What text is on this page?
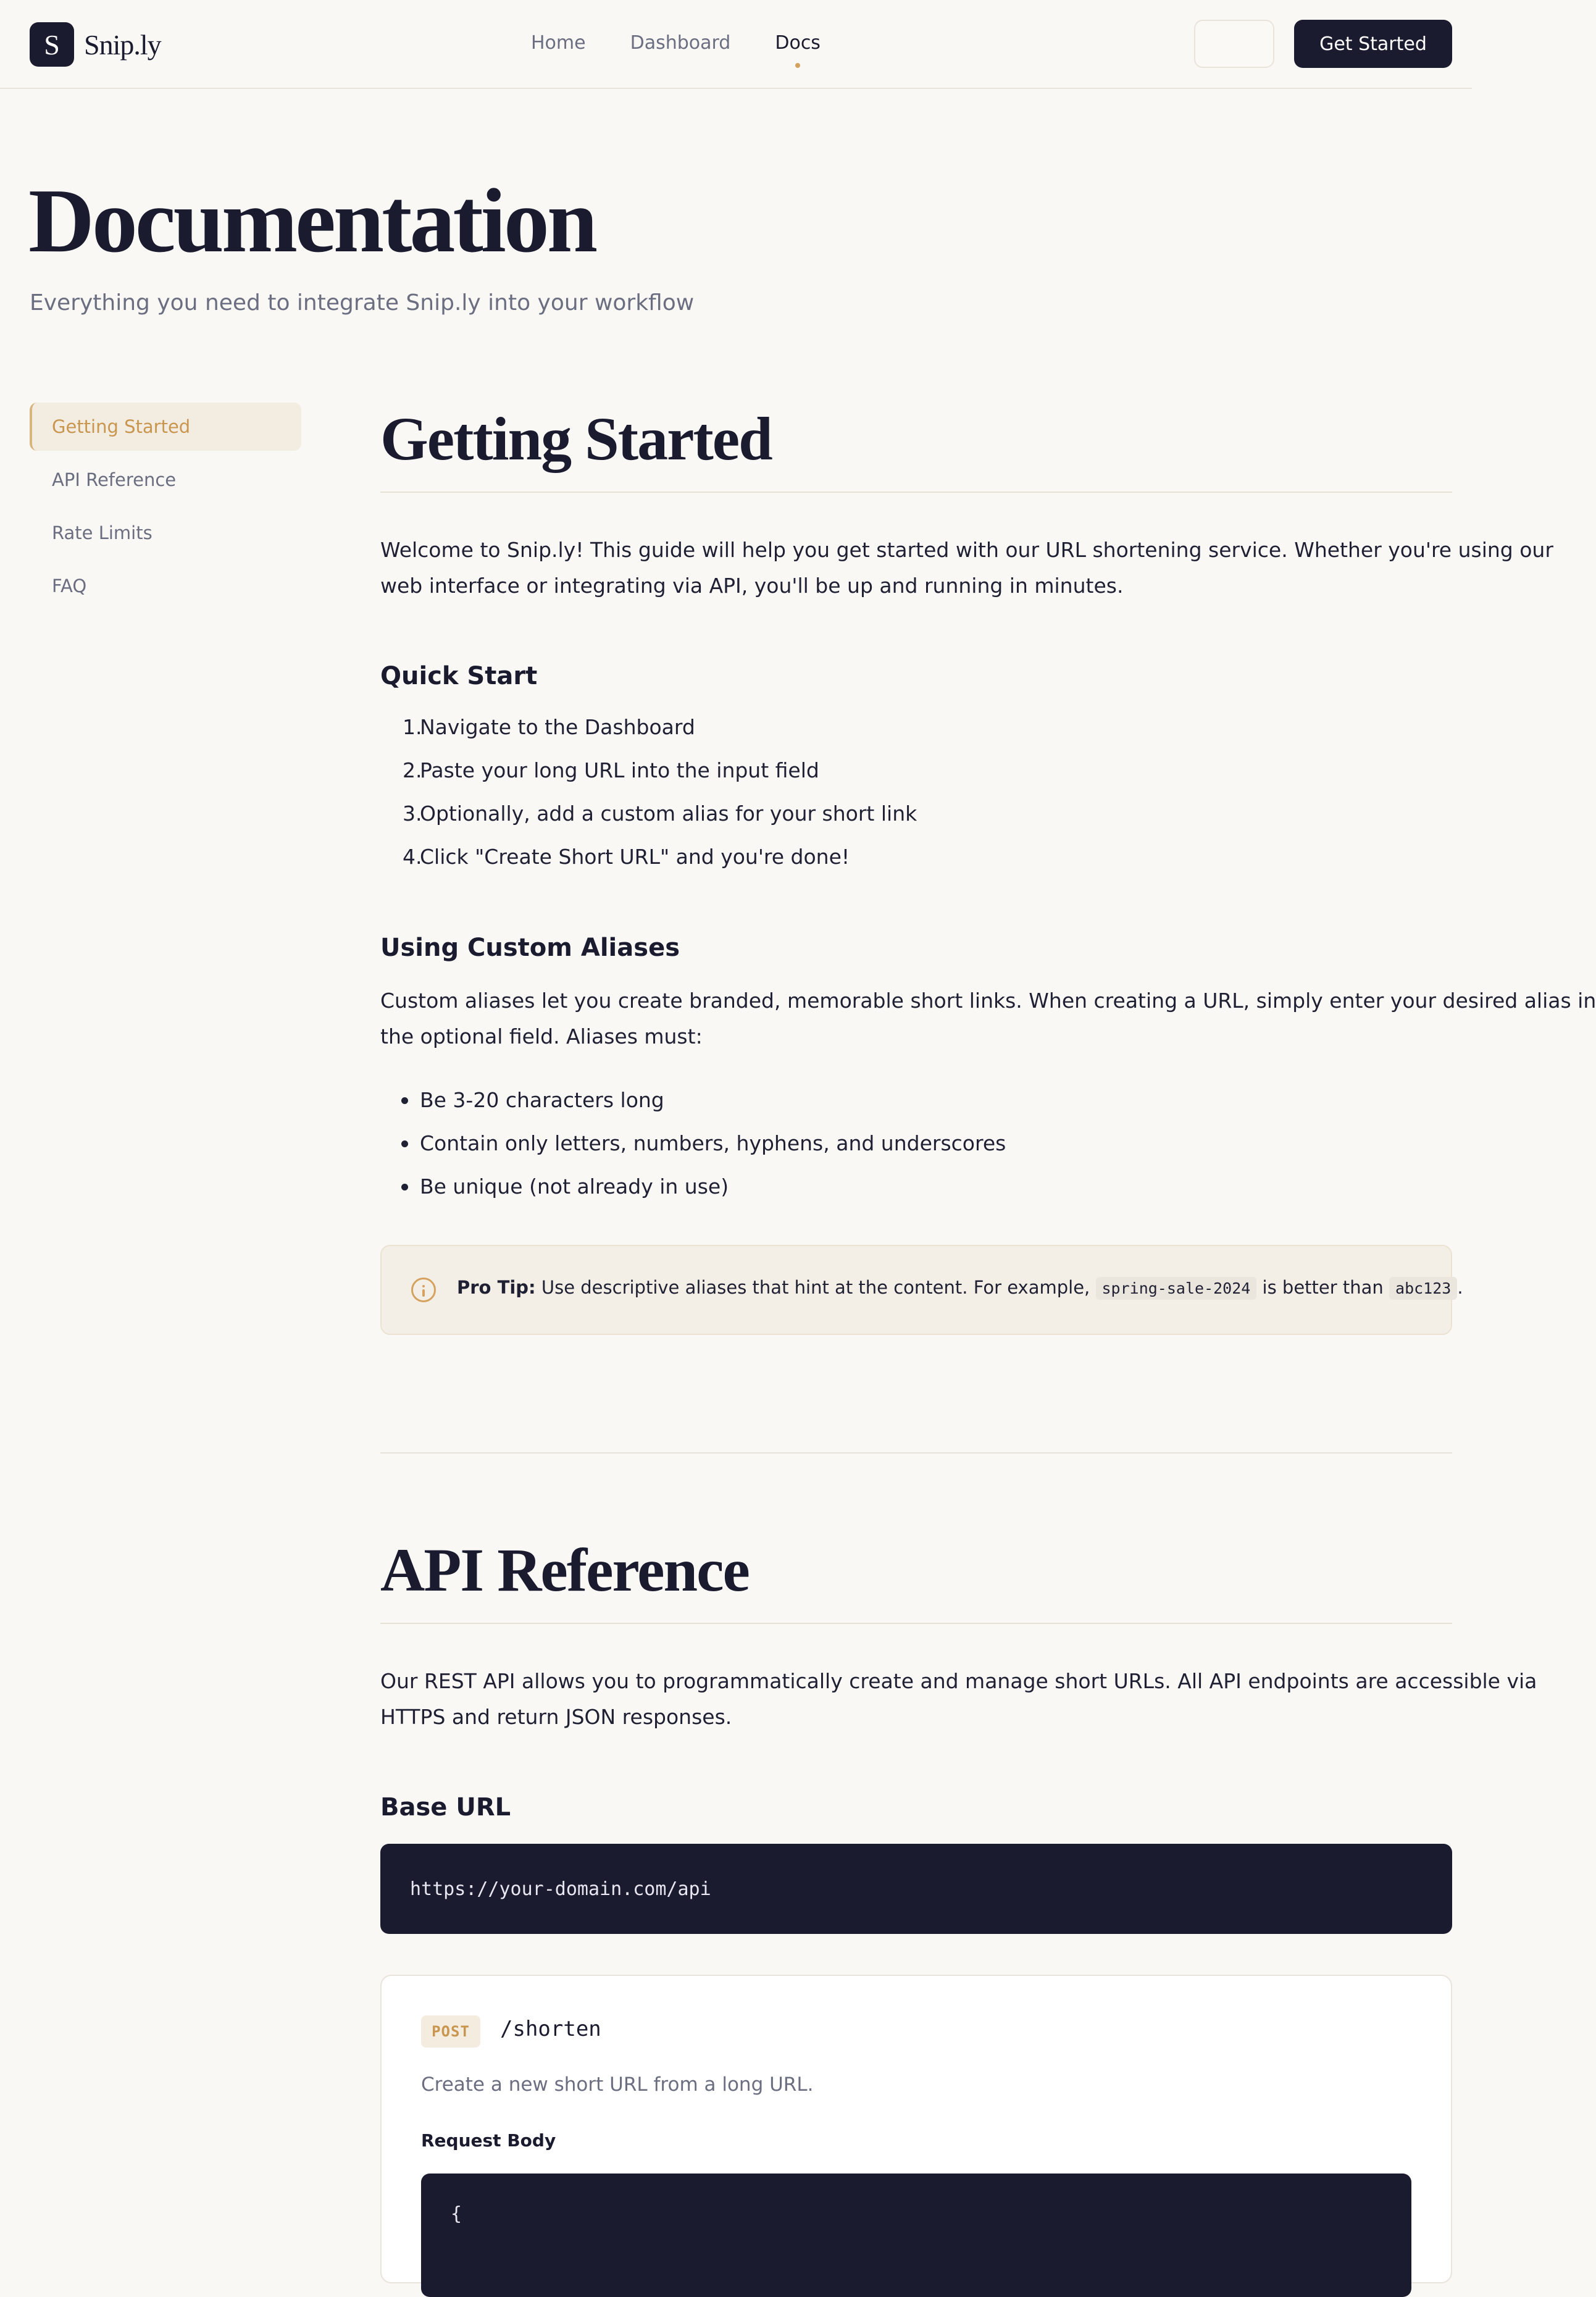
S Snip.ly	Home Dashboard Docs	Get Started
Documentation

Everything you need to integrate Snip.ly into your workflow

Getting Started
API Reference
Rate Limits
FAQ
Getting Started

Welcome to Snip.ly! This guide will help you get started with our URL shortening service. Whether you're using our

web interface or integrating via API, you'll be up and running in minutes.

Quick Start
1.
Navigate to the Dashboard
2.
Paste your long URL into the input field
3.
Optionally, add a custom alias for your short link
4.
Click "Create Short URL" and you're done!
Using Custom Aliases

Custom aliases let you create branded, memorable short links. When creating a URL, simply enter your desired alias in

the optional field. Aliases must:

Be 3-20 characters long
Contain only letters, numbers, hyphens, and underscores
Be unique (not already in use)
Pro Tip: Use descriptive aliases that hint at the content. For example, spring-sale-2024 is better than abc123 .
API Reference

Our REST API allows you to programmatically create and manage short URLs. All API endpoints are accessible via

HTTPS and return JSON responses.

Base URL
https://your-domain.com/api
POST	/shorten

Create a new short URL from a long URL.

Request Body

{
